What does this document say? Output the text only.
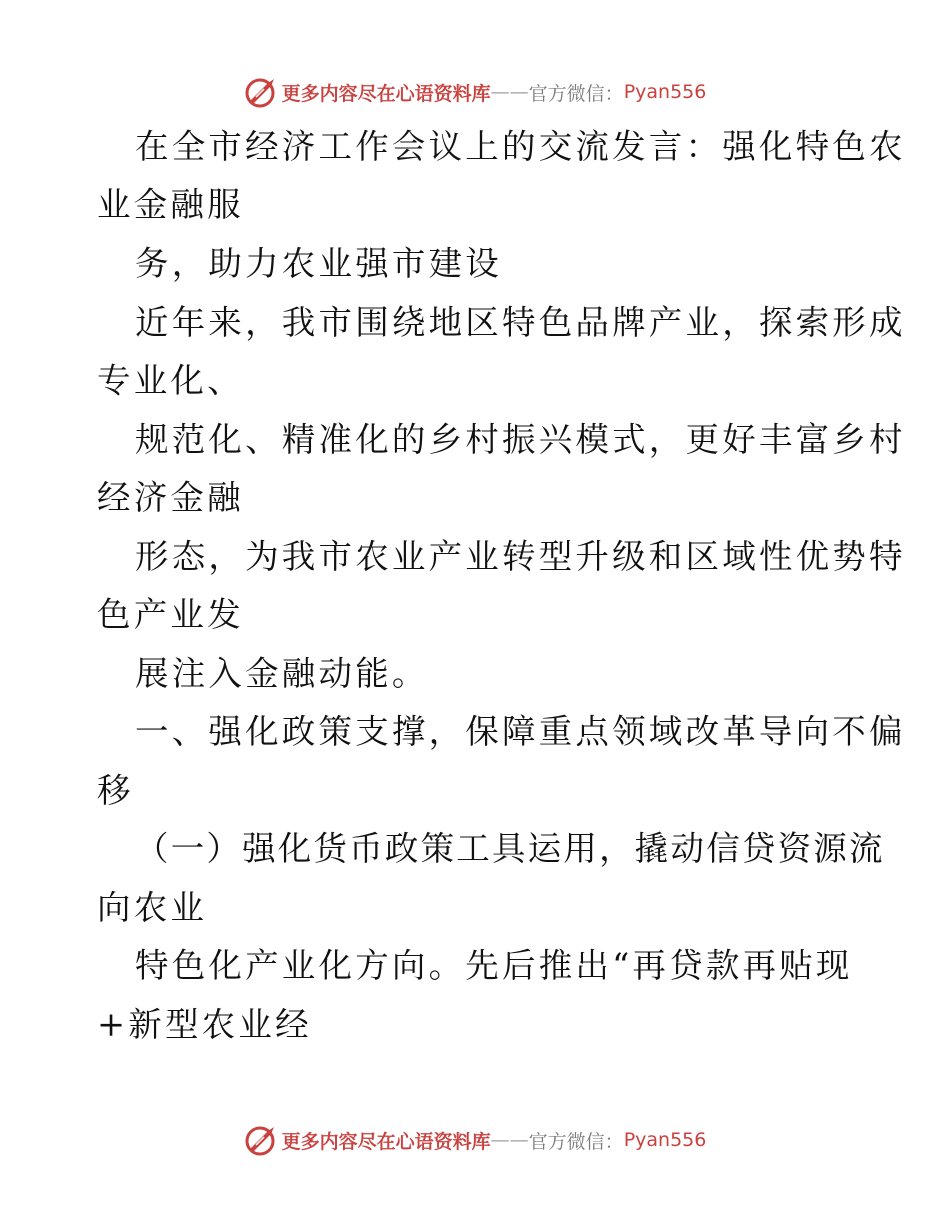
更多内容尽在心语资料库 —— 官方微信： Pyan556
在全市经济工作会议上的交流发言：强化特色农
业金融服
务，助力农业强市建设
近年来，我市围绕地区特色品牌产业，探索形成
专业化、
规范化、精准化的乡村振兴模式，更好丰富乡村
经济金融
形态，为我市农业产业转型升级和区域性优势特
色产业发
展注入金融动能。
一、强化政策支撑，保障重点领域改革导向不偏
移
（一）强化货币政策工具运用，撬动信贷资源流
向农业
特色化产业化方向。先后推出“再贷款再贴现
+新型农业经
更多内容尽在心语资料库 —— 官方微信： Pyan556
